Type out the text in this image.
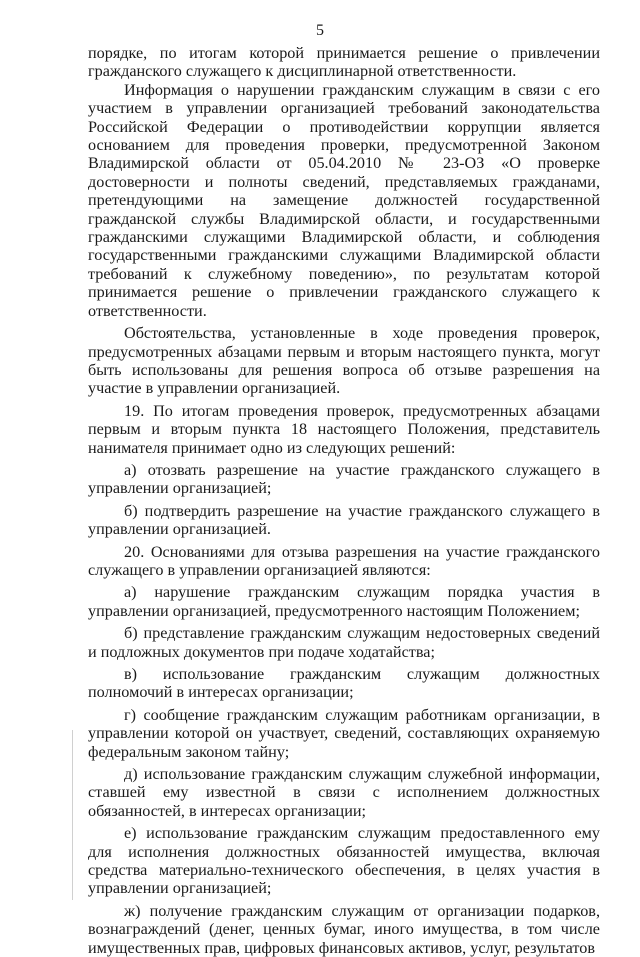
5

порядке, по итогам которой принимается решение о привлечении гражданского служащего к дисциплинарной ответственности.

Информация о нарушении гражданским служащим в связи с его участием в управлении организацией требований законодательства Российской Федерации о противодействии коррупции является основанием для проведения проверки, предусмотренной Законом Владимирской области от 05.04.2010 № 23-ОЗ «О проверке достоверности и полноты сведений, представляемых гражданами, претендующими на замещение должностей государственной гражданской службы Владимирской области, и государственными гражданскими служащими Владимирской области, и соблюдения государственными гражданскими служащими Владимирской области требований к служебному поведению», по результатам которой принимается решение о привлечении гражданского служащего к ответственности.

Обстоятельства, установленные в ходе проведения проверок, предусмотренных абзацами первым и вторым настоящего пункта, могут быть использованы для решения вопроса об отзыве разрешения на участие в управлении организацией.

19. По итогам проведения проверок, предусмотренных абзацами первым и вторым пункта 18 настоящего Положения, представитель нанимателя принимает одно из следующих решений:

а) отозвать разрешение на участие гражданского служащего в управлении организацией;

б) подтвердить разрешение на участие гражданского служащего в управлении организацией.

20. Основаниями для отзыва разрешения на участие гражданского служащего в управлении организацией являются:

а) нарушение гражданским служащим порядка участия в управлении организацией, предусмотренного настоящим Положением;

б) представление гражданским служащим недостоверных сведений и подложных документов при подаче ходатайства;

в) использование гражданским служащим должностных полномочий в интересах организации;

г) сообщение гражданским служащим работникам организации, в управлении которой он участвует, сведений, составляющих охраняемую федеральным законом тайну;

д) использование гражданским служащим служебной информации, ставшей ему известной в связи с исполнением должностных обязанностей, в интересах организации;

е) использование гражданским служащим предоставленного ему для исполнения должностных обязанностей имущества, включая средства материально-технического обеспечения, в целях участия в управлении организацией;

ж) получение гражданским служащим от организации подарков, вознаграждений (денег, ценных бумаг, иного имущества, в том числе имущественных прав, цифровых финансовых активов, услуг, результатов
